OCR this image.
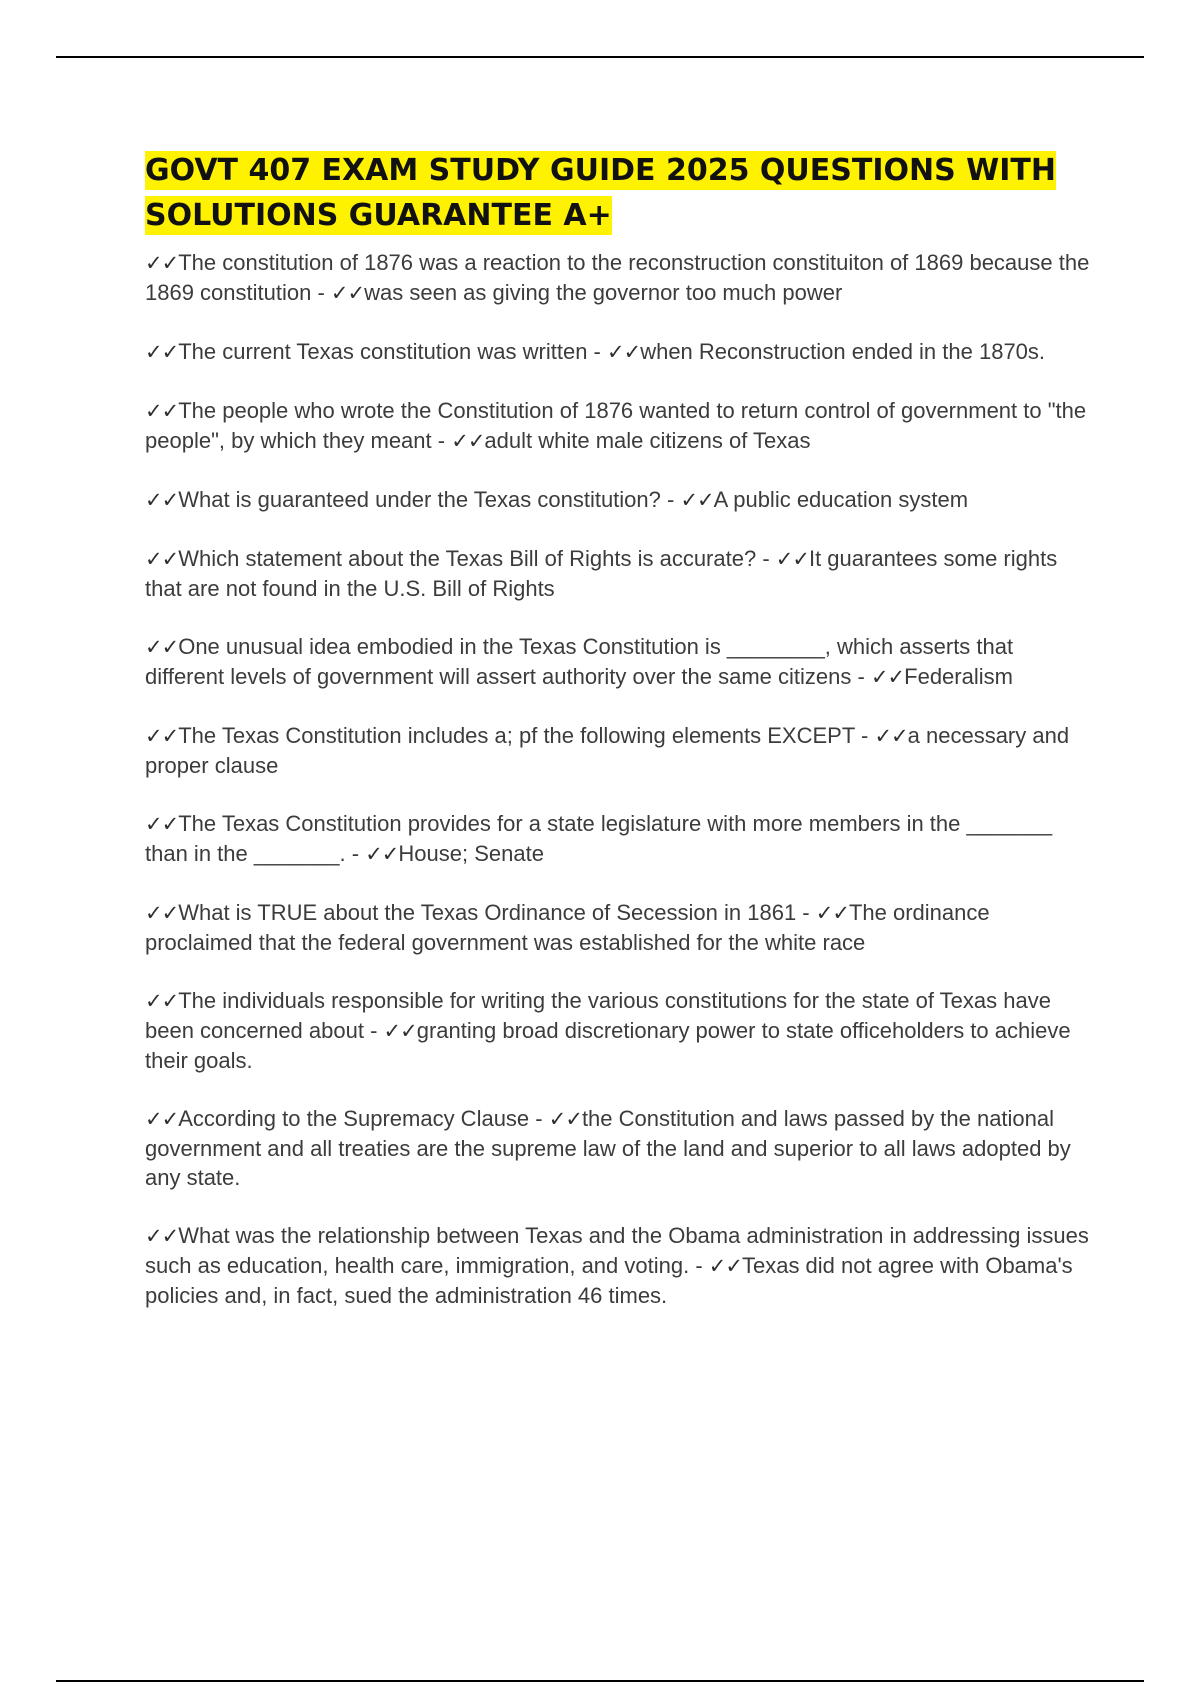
GOVT 407 EXAM STUDY GUIDE 2025 QUESTIONS WITH SOLUTIONS GUARANTEE A+
✓✓The constitution of 1876 was a reaction to the reconstruction constituiton of 1869 because the 1869 constitution - ✓✓was seen as giving the governor too much power
✓✓The current Texas constitution was written - ✓✓when Reconstruction ended in the 1870s.
✓✓The people who wrote the Constitution of 1876 wanted to return control of government to "the people", by which they meant - ✓✓adult white male citizens of Texas
✓✓What is guaranteed under the Texas constitution? - ✓✓A public education system
✓✓Which statement about the Texas Bill of Rights is accurate? - ✓✓It guarantees some rights that are not found in the U.S. Bill of Rights
✓✓One unusual idea embodied in the Texas Constitution is ________, which asserts that different levels of government will assert authority over the same citizens - ✓✓Federalism
✓✓The Texas Constitution includes a; pf the following elements EXCEPT - ✓✓a necessary and proper clause
✓✓The Texas Constitution provides for a state legislature with more members in the _______ than in the _______. - ✓✓House; Senate
✓✓What is TRUE about the Texas Ordinance of Secession in 1861 - ✓✓The ordinance proclaimed that the federal government was established for the white race
✓✓The individuals responsible for writing the various constitutions for the state of Texas have been concerned about - ✓✓granting broad discretionary power to state officeholders to achieve their goals.
✓✓According to the Supremacy Clause - ✓✓the Constitution and laws passed by the national government and all treaties are the supreme law of the land and superior to all laws adopted by any state.
✓✓What was the relationship between Texas and the Obama administration in addressing issues such as education, health care, immigration, and voting. - ✓✓Texas did not agree with Obama's policies and, in fact, sued the administration 46 times.
